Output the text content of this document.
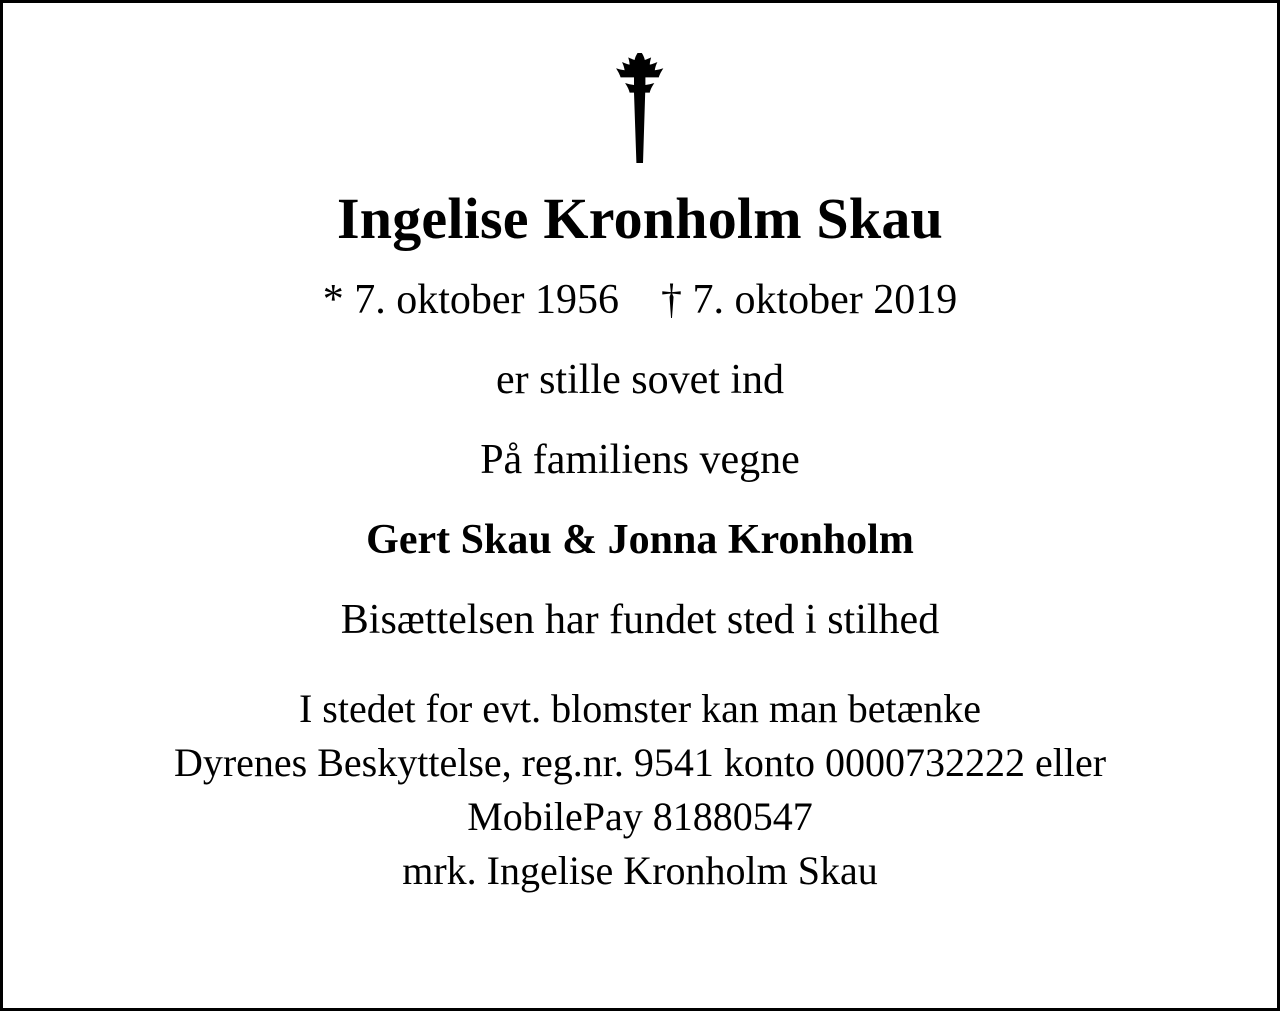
Ingelise Kronholm Skau
* 7. oktober 1956    † 7. oktober 2019
er stille sovet ind
På familiens vegne
Gert Skau & Jonna Kronholm
Bisættelsen har fundet sted i stilhed
I stedet for evt. blomster kan man betænke
Dyrenes Beskyttelse, reg.nr. 9541 konto 0000732222 eller
MobilePay 81880547
mrk. Ingelise Kronholm Skau
